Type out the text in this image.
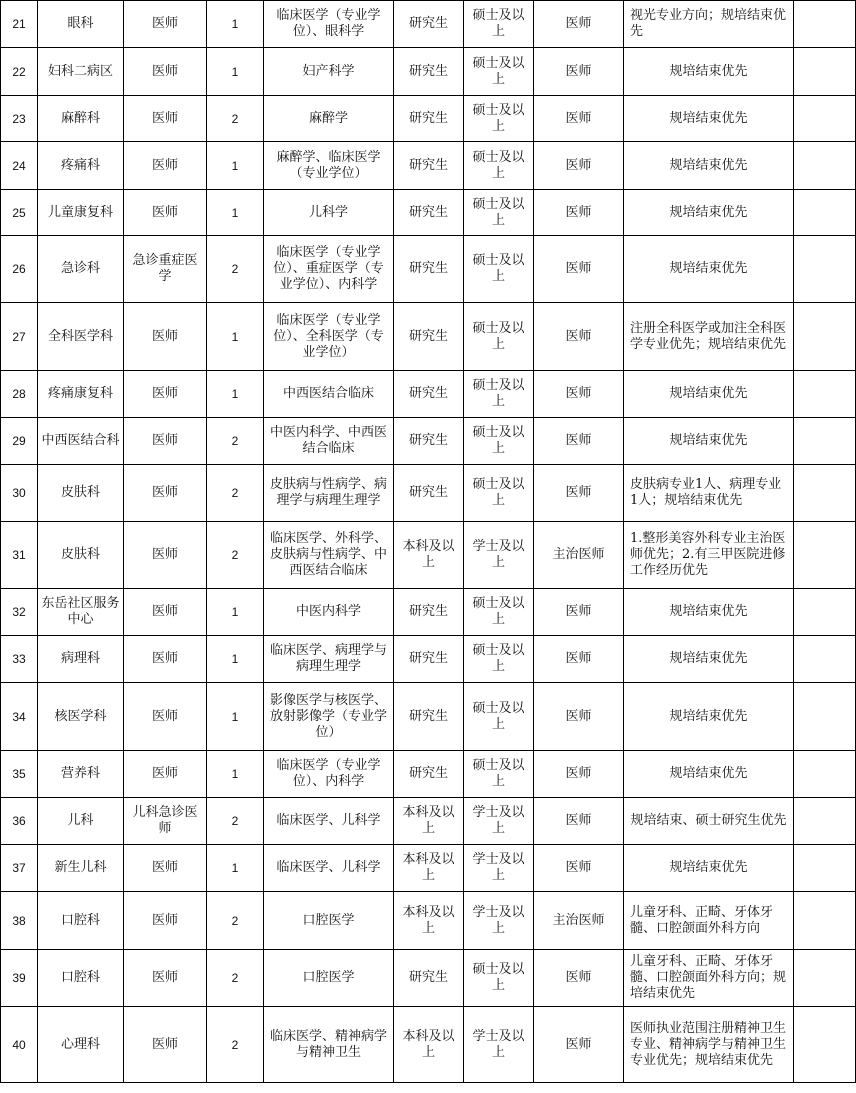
21	眼科	医师	1	临床医学（专业学位）、眼科学	研究生	硕士及以上	医师	视光专业方向；规培结束优先	
22	妇科二病区	医师	1	妇产科学	研究生	硕士及以上	医师	规培结束优先	
23	麻醉科	医师	2	麻醉学	研究生	硕士及以上	医师	规培结束优先	
24	疼痛科	医师	1	麻醉学、临床医学（专业学位）	研究生	硕士及以上	医师	规培结束优先	
25	儿童康复科	医师	1	儿科学	研究生	硕士及以上	医师	规培结束优先	
26	急诊科	急诊重症医学	2	临床医学（专业学位）、重症医学（专业学位）、内科学	研究生	硕士及以上	医师	规培结束优先	
27	全科医学科	医师	1	临床医学（专业学位）、全科医学（专业学位）	研究生	硕士及以上	医师	注册全科医学或加注全科医学专业优先；规培结束优先	
28	疼痛康复科	医师	1	中西医结合临床	研究生	硕士及以上	医师	规培结束优先	
29	中西医结合科	医师	2	中医内科学、中西医结合临床	研究生	硕士及以上	医师	规培结束优先	
30	皮肤科	医师	2	皮肤病与性病学、病理学与病理生理学	研究生	硕士及以上	医师	皮肤病专业1人、病理专业1人；规培结束优先	
31	皮肤科	医师	2	临床医学、外科学、皮肤病与性病学、中西医结合临床	本科及以上	学士及以上	主治医师	1.整形美容外科专业主治医师优先；2.有三甲医院进修工作经历优先	
32	东岳社区服务中心	医师	1	中医内科学	研究生	硕士及以上	医师	规培结束优先	
33	病理科	医师	1	临床医学、病理学与病理生理学	研究生	硕士及以上	医师	规培结束优先	
34	核医学科	医师	1	影像医学与核医学、放射影像学（专业学位）	研究生	硕士及以上	医师	规培结束优先	
35	营养科	医师	1	临床医学（专业学位）、内科学	研究生	硕士及以上	医师	规培结束优先	
36	儿科	儿科急诊医师	2	临床医学、儿科学	本科及以上	学士及以上	医师	规培结束、硕士研究生优先	
37	新生儿科	医师	1	临床医学、儿科学	本科及以上	学士及以上	医师	规培结束优先	
38	口腔科	医师	2	口腔医学	本科及以上	学士及以上	主治医师	儿童牙科、正畸、牙体牙髓、口腔颌面外科方向	
39	口腔科	医师	2	口腔医学	研究生	硕士及以上	医师	儿童牙科、正畸、牙体牙髓、口腔颌面外科方向；规培结束优先	
40	心理科	医师	2	临床医学、精神病学与精神卫生	本科及以上	学士及以上	医师	医师执业范围注册精神卫生专业、精神病学与精神卫生专业优先；规培结束优先	
